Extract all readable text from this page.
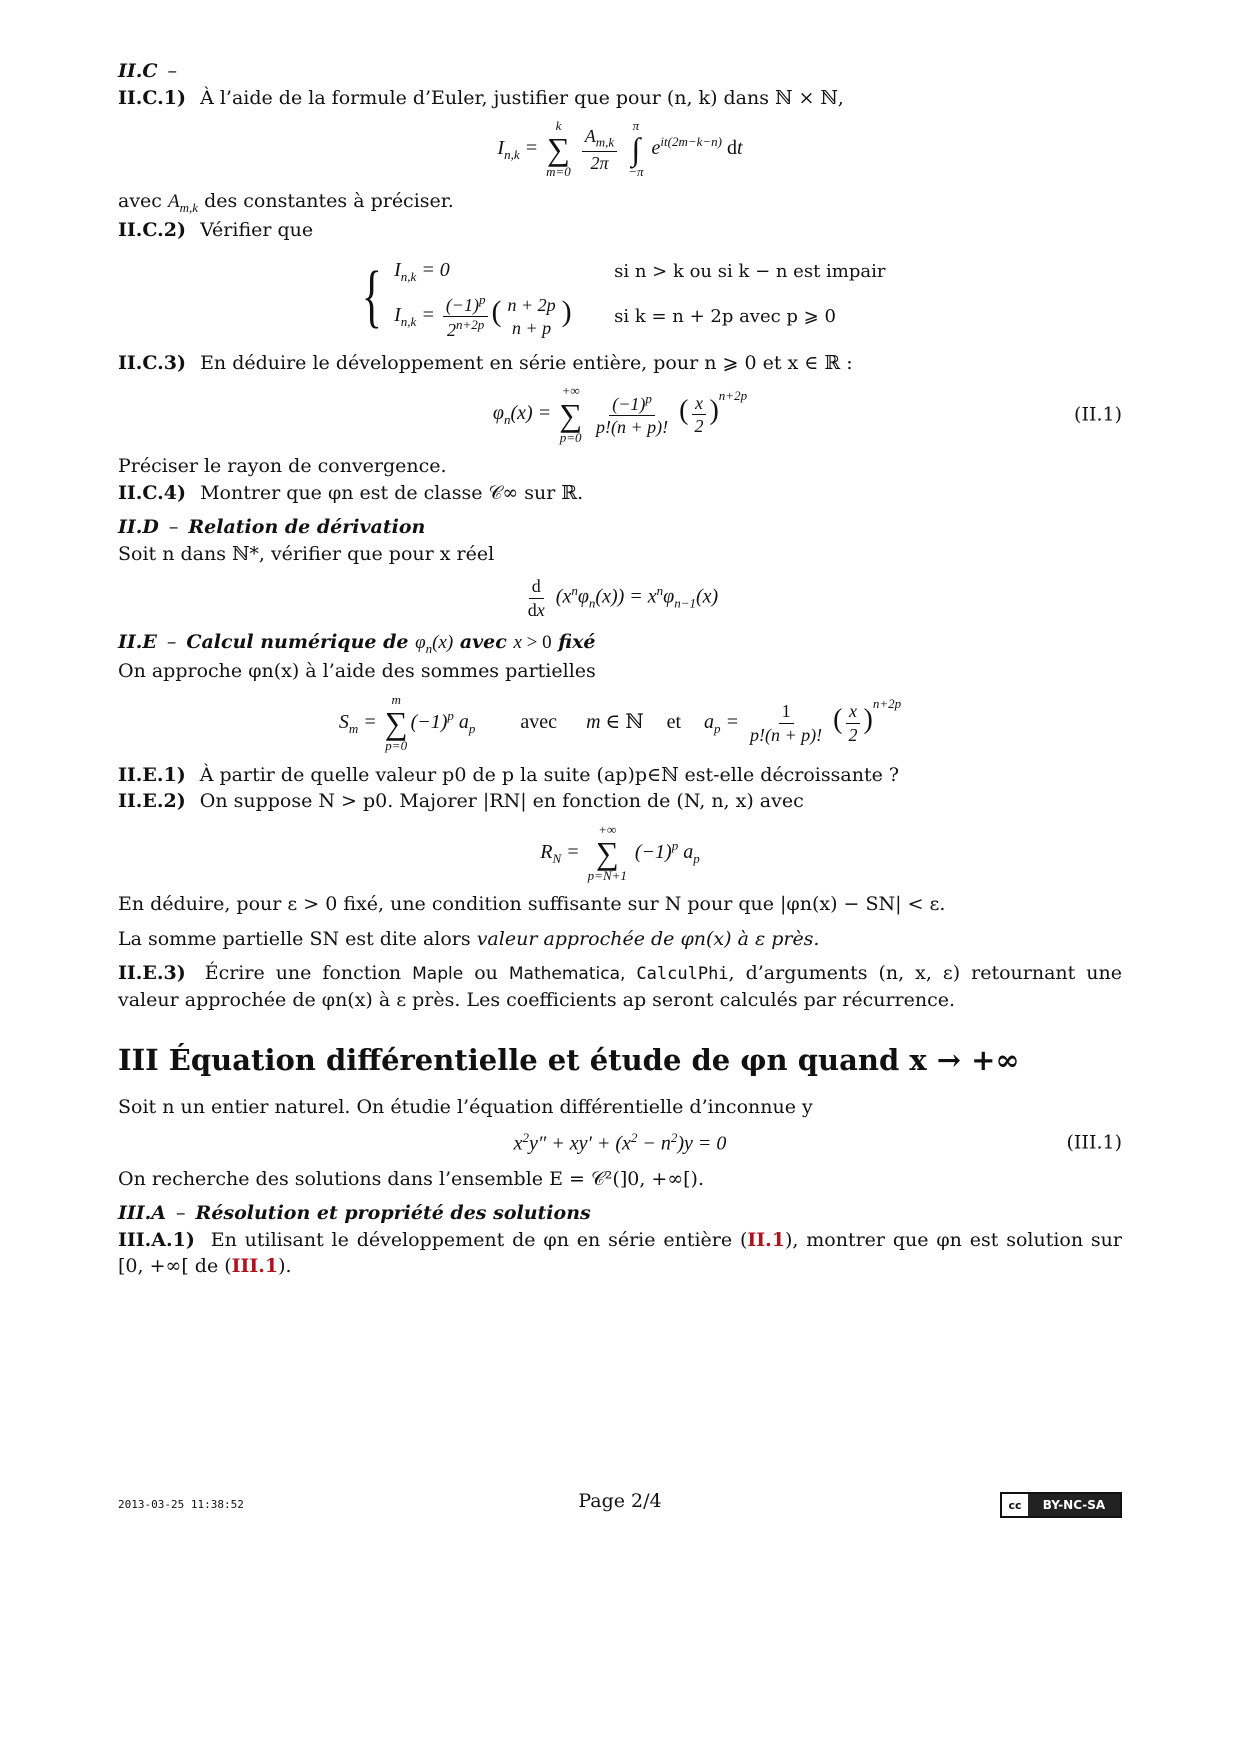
II.C –

II.C.1) À l’aide de la formule d’Euler, justifier que pour (n, k) dans ℕ × ℕ,

$I_{n,k}$ =
k
∑
m=0
$\frac{A_{m,k}}{2\pi}$
π
∫
−π
$e^{it(2m-k-n)}$ dt

avec $A_{m,k}$ des constantes à préciser.

II.C.2) Vérifier que

{ $I_{n,k} = 0$	si n > k ou si k − n est impair
$I_{n,k} = \frac{(-1)^p}{2^{n+2p}}$ ( n + 2p
n + p )	si k = n + 2p avec p ⩾ 0

II.C.3) En déduire le développement en série entière, pour n ⩾ 0 et x ∈ ℝ :

$\varphi_n(x)$ =
+∞
∑
p=0
$\frac{(-1)^p}{p!(n + p)!}$ ( $\frac{x}{2} )^{n+2p}$
(II.1)

Préciser le rayon de convergence.

II.C.4) Montrer que φn est de classe 𝒞∞ sur ℝ.

II.D – Relation de dérivation

Soit n dans ℕ*, vérifier que pour x réel

$\frac{d}{dx} (x^n\varphi_n(x)) = x^n\varphi_{n-1}(x)$

II.E – Calcul numérique de $\varphi_n(x)$ avec x > 0 fixé

On approche φn(x) à l’aide des sommes partielles

$S_m$ =
m
∑
p=0
$(-1)^p$ $a_p$ avec m ∈ ℕ et $a_p = \frac{1}{p!(n + p)!}$ ( $\frac{x}{2} )^{n+2p}$

II.E.1) À partir de quelle valeur p0 de p la suite (ap)p∈ℕ est-elle décroissante ?

II.E.2) On suppose N > p0. Majorer |RN| en fonction de (N, n, x) avec

$R_N$ =
+∞
∑
p=N+1
$(-1)^p$ $a_p$

En déduire, pour ε > 0 fixé, une condition suffisante sur N pour que |φn(x) − SN| < ε.

La somme partielle SN est dite alors valeur approchée de φn(x) à ε près.

II.E.3) Écrire une fonction Maple ou Mathematica, CalculPhi, d’arguments (n, x, ε) retournant une valeur approchée de φn(x) à ε près. Les coefficients ap seront calculés par récurrence.

III Équation différentielle et étude de φn quand x → +∞

Soit n un entier naturel. On étudie l’équation différentielle d’inconnue y

$x^2y'' + xy' + (x^2 - n^2)y = 0$	(III.1)

On recherche des solutions dans l’ensemble E = 𝒞²(]0, +∞[).

III.A – Résolution et propriété des solutions

III.A.1) En utilisant le développement de φn en série entière (II.1), montrer que φn est solution sur [0, +∞[ de (III.1).

2013-03-25 11:38:52	Page 2/4	cc	BY-NC-SA
